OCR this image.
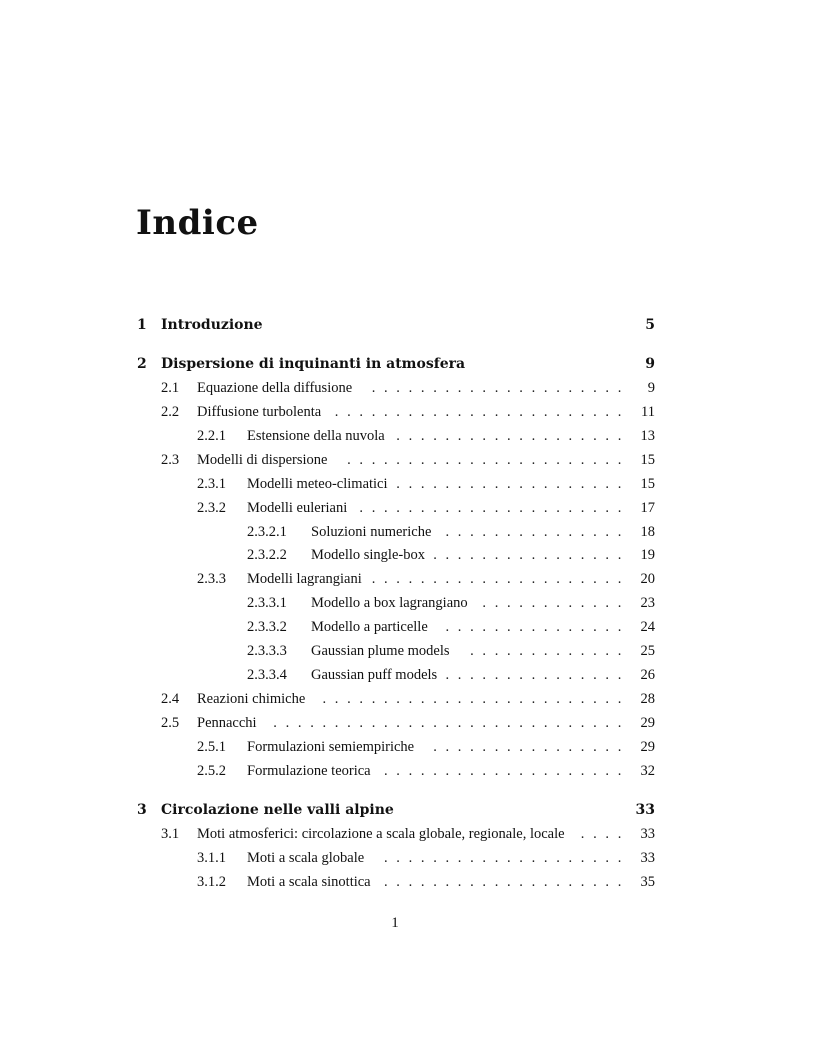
Indice
1 Introduzione	5
2 Dispersione di inquinanti in atmosfera	9
2.1 Equazione della diffusione	9
.
.
.
.
.
.
.
.
.
.
.
.
.
.
.
.
.
.
.
.
.
2.2 Diffusione turbolenta	11
.
.
.
.
.
.
.
.
.
.
.
.
.
.
.
.
.
.
.
.
.
.
.
.
2.2.1 Estensione della nuvola	13
.
.
.
.
.
.
.
.
.
.
.
.
.
.
.
.
.
.
.
2.3 Modelli di dispersione	15
.
.
.
.
.
.
.
.
.
.
.
.
.
.
.
.
.
.
.
.
.
.
.
2.3.1 Modelli meteo-climatici	15
.
.
.
.
.
.
.
.
.
.
.
.
.
.
.
.
.
.
.
2.3.2 Modelli euleriani	17
.
.
.
.
.
.
.
.
.
.
.
.
.
.
.
.
.
.
.
.
.
.
2.3.2.1 Soluzioni numeriche	18
.
.
.
.
.
.
.
.
.
.
.
.
.
.
.
2.3.2.2 Modello single-box	19
.
.
.
.
.
.
.
.
.
.
.
.
.
.
.
.
2.3.3 Modelli lagrangiani	20
.
.
.
.
.
.
.
.
.
.
.
.
.
.
.
.
.
.
.
.
.
2.3.3.1 Modello a box lagrangiano	23
.
.
.
.
.
.
.
.
.
.
.
.
2.3.3.2 Modello a particelle	24
.
.
.
.
.
.
.
.
.
.
.
.
.
.
.
2.3.3.3 Gaussian plume models	25
.
.
.
.
.
.
.
.
.
.
.
.
.
2.3.3.4 Gaussian puff models	26
.
.
.
.
.
.
.
.
.
.
.
.
.
.
.
2.4 Reazioni chimiche	28
.
.
.
.
.
.
.
.
.
.
.
.
.
.
.
.
.
.
.
.
.
.
.
.
.
2.5 Pennacchi	29
.
.
.
.
.
.
.
.
.
.
.
.
.
.
.
.
.
.
.
.
.
.
.
.
.
.
.
.
.
2.5.1 Formulazioni semiempiriche	29
.
.
.
.
.
.
.
.
.
.
.
.
.
.
.
.
2.5.2 Formulazione teorica	32
.
.
.
.
.
.
.
.
.
.
.
.
.
.
.
.
.
.
.
.
3 Circolazione nelle valli alpine	33
3.1 Moti atmosferici: circolazione a scala globale, regionale, locale	33
.
.
.
.
3.1.1 Moti a scala globale	33
.
.
.
.
.
.
.
.
.
.
.
.
.
.
.
.
.
.
.
.
3.1.2 Moti a scala sinottica	35
.
.
.
.
.
.
.
.
.
.
.
.
.
.
.
.
.
.
.
.
1
